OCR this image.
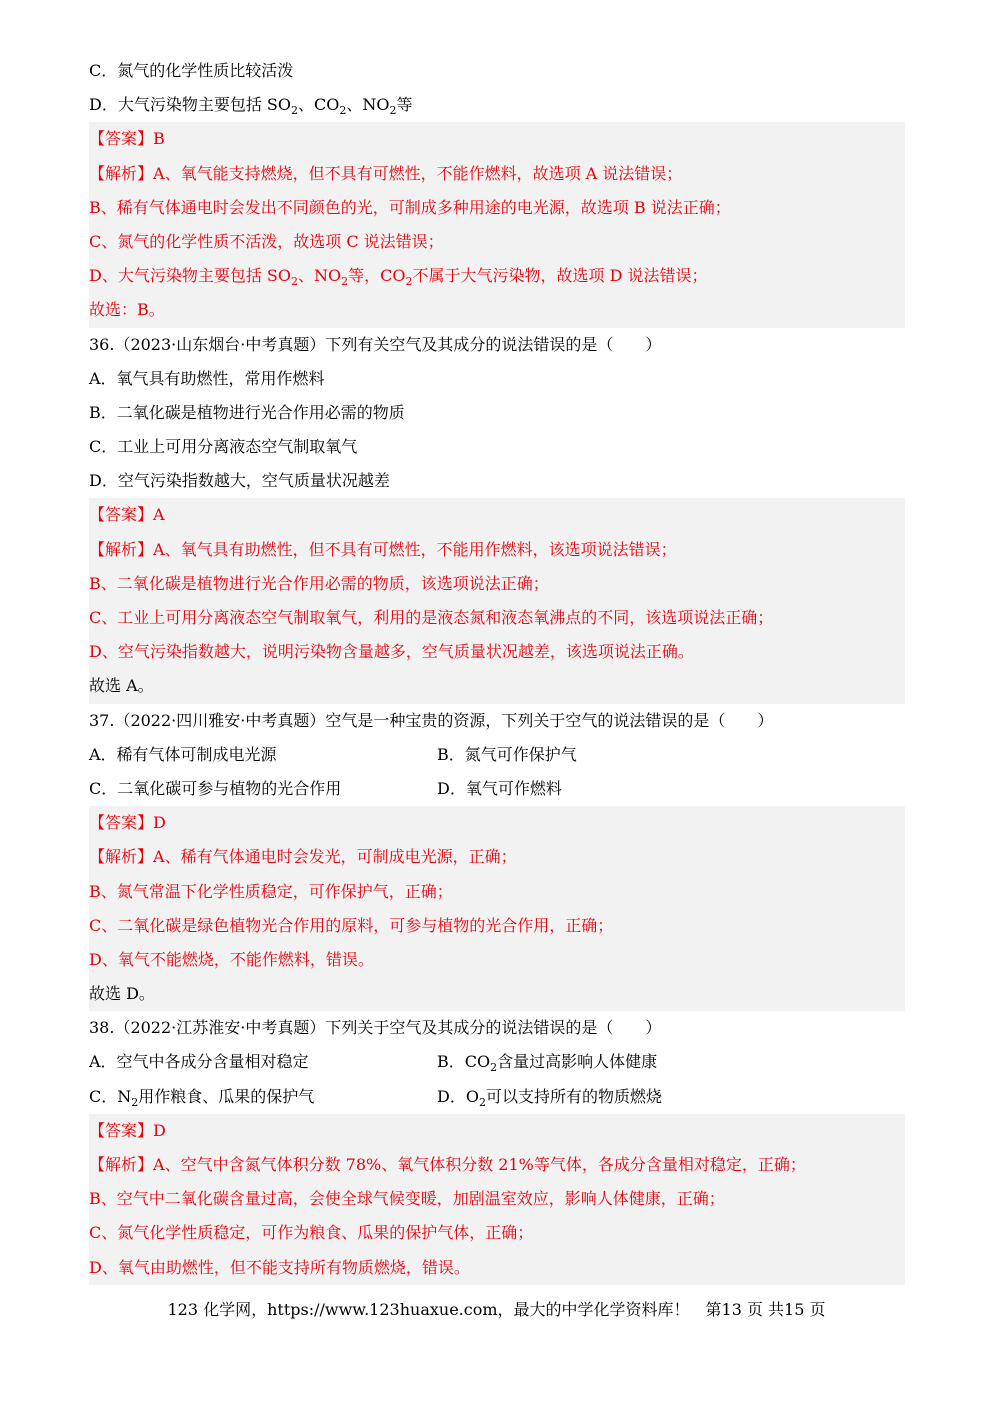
C．氮气的化学性质比较活泼
D．大气污染物主要包括 $SO_2$、$CO_2$、$NO_2$等
【答案】B
【解析】A、氧气能支持燃烧，但不具有可燃性，不能作燃料，故选项 A 说法错误；
B、稀有气体通电时会发出不同颜色的光，可制成多种用途的电光源，故选项 B 说法正确；
C、氮气的化学性质不活泼，故选项 C 说法错误；
D、大气污染物主要包括 $SO_2$、$NO_2$等，$CO_2$不属于大气污染物，故选项 D 说法错误；
故选：B。
36.（2023·山东烟台·中考真题）下列有关空气及其成分的说法错误的是（　　）
A．氧气具有助燃性，常用作燃料
B．二氧化碳是植物进行光合作用必需的物质
C．工业上可用分离液态空气制取氧气
D．空气污染指数越大，空气质量状况越差
【答案】A
【解析】A、氧气具有助燃性，但不具有可燃性，不能用作燃料，该选项说法错误；
B、二氧化碳是植物进行光合作用必需的物质，该选项说法正确；
C、工业上可用分离液态空气制取氧气，利用的是液态氮和液态氧沸点的不同，该选项说法正确；
D、空气污染指数越大，说明污染物含量越多，空气质量状况越差，该选项说法正确。
故选 A。
37.（2022·四川雅安·中考真题）空气是一种宝贵的资源，下列关于空气的说法错误的是（　　）
A．稀有气体可制成电光源	B．氮气可作保护气
C．二氧化碳可参与植物的光合作用	D．氧气可作燃料
【答案】D
【解析】A、稀有气体通电时会发光，可制成电光源，正确；
B、氮气常温下化学性质稳定，可作保护气，正确；
C、二氧化碳是绿色植物光合作用的原料，可参与植物的光合作用，正确；
D、氧气不能燃烧，不能作燃料，错误。
故选 D。
38.（2022·江苏淮安·中考真题）下列关于空气及其成分的说法错误的是（　　）
A．空气中各成分含量相对稳定	B．$CO_2$含量过高影响人体健康
C．$N_2$用作粮食、瓜果的保护气	D．$O_2$可以支持所有的物质燃烧
【答案】D
【解析】A、空气中含氮气体积分数 78%、氧气体积分数 21%等气体，各成分含量相对稳定，正确；
B、空气中二氧化碳含量过高，会使全球气候变暖，加剧温室效应，影响人体健康，正确；
C、氮气化学性质稳定，可作为粮食、瓜果的保护气体，正确；
D、氧气由助燃性，但不能支持所有物质燃烧，错误。
123 化学网，https://www.123huaxue.com，最大的中学化学资料库！　第13 页 共15 页
